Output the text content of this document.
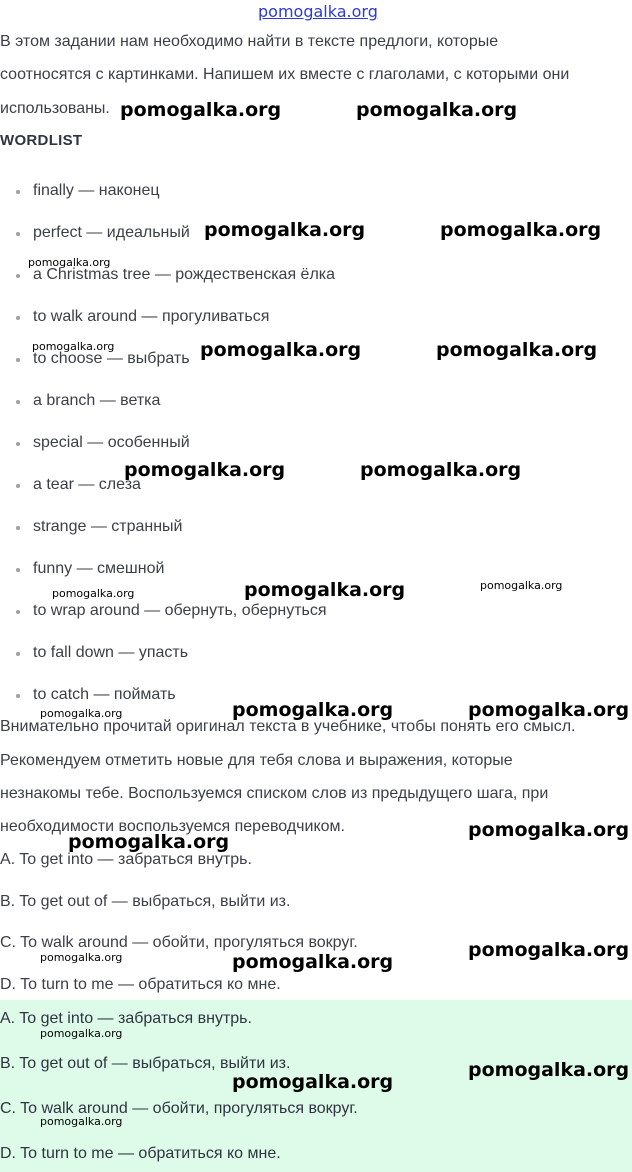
pomogalka.org
В этом задании нам необходимо найти в тексте предлоги, которые
соотносятся с картинками. Напишем их вместе с глаголами, с которыми они
использованы.
WORDLIST
finally — наконец
perfect — идеальный
a Christmas tree — рождественская ёлка
to walk around — прогуливаться
to choose — выбрать
a branch — ветка
special — особенный
a tear — слеза
strange — странный
funny — смешной
to wrap around — обернуть, обернуться
to fall down — упасть
to catch — поймать
Внимательно прочитай оригинал текста в учебнике, чтобы понять его смысл.
Рекомендуем отметить новые для тебя слова и выражения, которые
незнакомы тебе. Воспользуемся списком слов из предыдущего шага, при
необходимости воспользуемся переводчиком.
A. To get into — забраться внутрь.
B. To get out of — выбраться, выйти из.
C. To walk around — обойти, прогуляться вокруг.
D. To turn to me — обратиться ко мне.
A. To get into — забраться внутрь.
B. To get out of — выбраться, выйти из.
C. To walk around — обойти, прогуляться вокруг.
D. To turn to me — обратиться ко мне.
pomogalka.org	pomogalka.org
pomogalka.org	pomogalka.org
pomogalka.org	pomogalka.org
pomogalka.org	pomogalka.org
pomogalka.org
pomogalka.org	pomogalka.org
pomogalka.org
pomogalka.org
pomogalka.org
pomogalka.org
pomogalka.org
pomogalka.org
pomogalka.org
pomogalka.org
pomogalka.org
pomogalka.org
pomogalka.org
pomogalka.org
pomogalka.org
pomogalka.org
